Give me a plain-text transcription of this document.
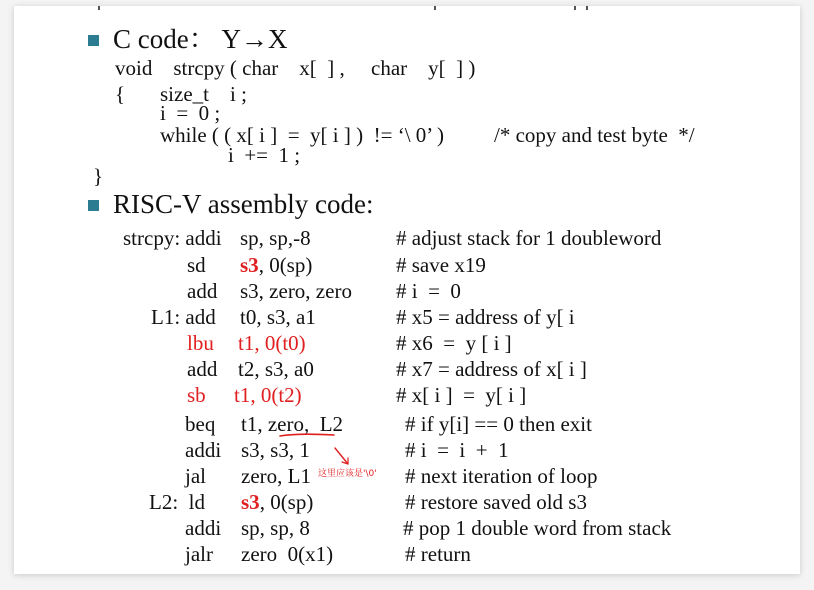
C code： Y→X
void    strcpy ( char    x[  ] ,     char    y[  ] )
{ size_t    i ;
i  =  0 ;
while ( ( x[ i ]  =  y[ i ] )  != ‘\ 0’ ) /* copy and test byte  */
i  +=  1 ;
}
RISC-V assembly code:
strcpy: addi sp, sp,-8	# adjust stack for 1 doubleword
sd s3, 0(sp)	# save x19
add s3, zero, zero # i  =  0
L1: add t0, s3, a1	# x5 = address of y[ i
lbu t1, 0(t0)	# x6  =  y [ i ]
add t2, s3, a0	# x7 = address of x[ i ]
sb t1, 0(t2)	# x[ i ]  =  y[ i ]
beq t1, zero,  L2	# if y[i] == 0 then exit
addi s3, s3, 1	# i  =  i  +  1
jal zero, L1	# next iteration of loop
L2:  ld s3, 0(sp)	# restore saved old s3
addi sp, sp, 8	# pop 1 double word from stack
jalr zero  0(x1)	# return
这里应该是'\0'
